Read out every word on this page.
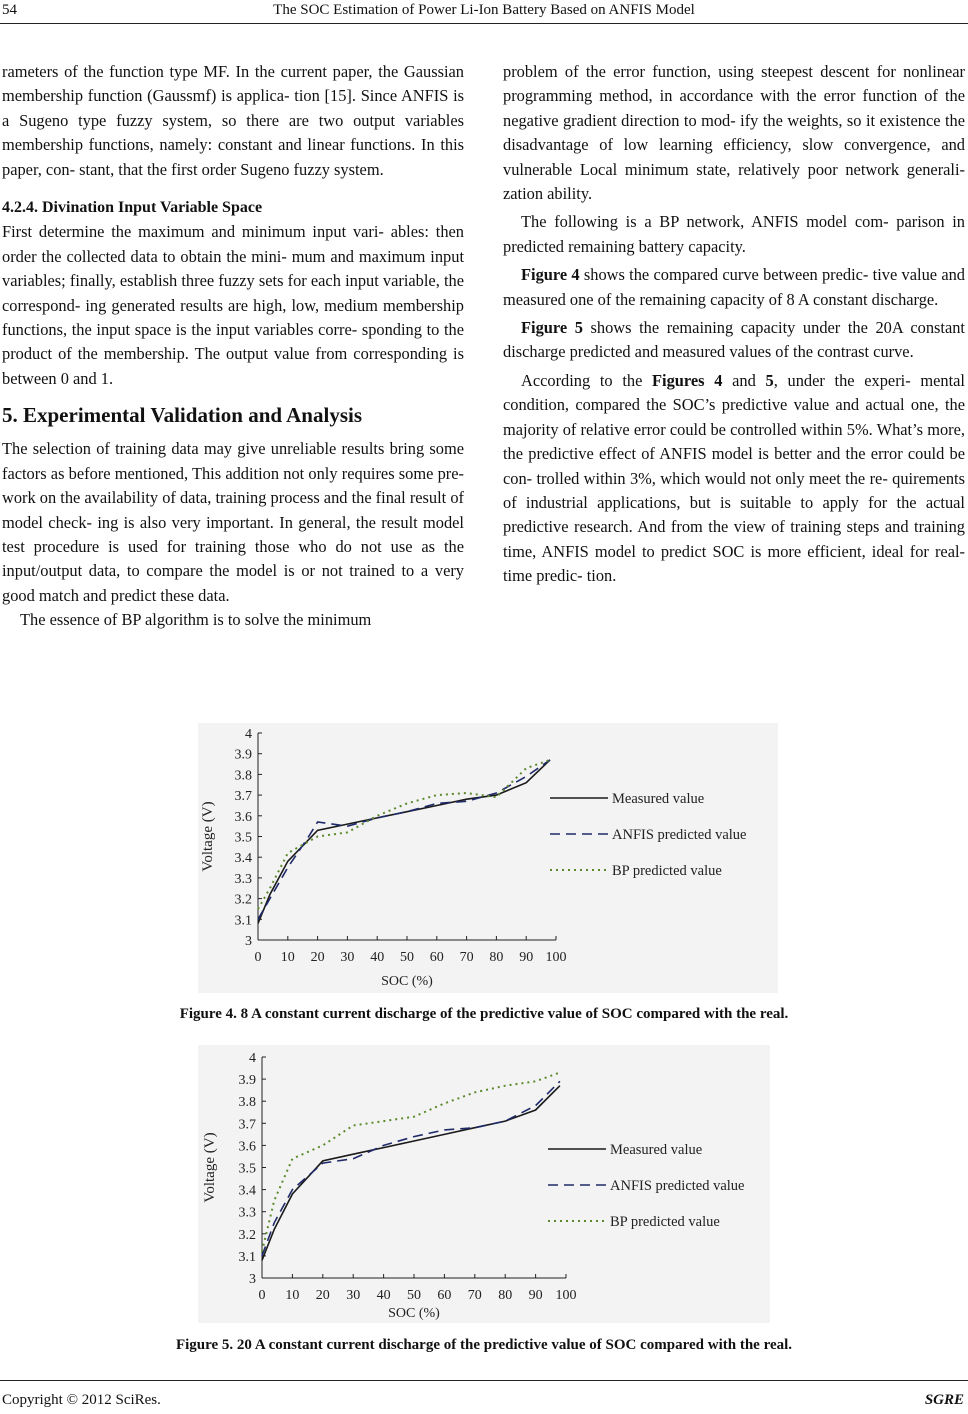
54	The SOC Estimation of Power Li-Ion Battery Based on ANFIS Model

rameters of the function type MF. In the current paper, the Gaussian membership function (Gaussmf) is applica- tion [15]. Since ANFIS is a Sugeno type fuzzy system, so there are two output variables membership functions, namely: constant and linear functions. In this paper, con- stant, that the first order Sugeno fuzzy system.

4.2.4. Divination Input Variable Space

First determine the maximum and minimum input vari- ables: then order the collected data to obtain the mini- mum and maximum input variables; finally, establish three fuzzy sets for each input variable, the correspond- ing generated results are high, low, medium membership functions, the input space is the input variables corre- sponding to the product of the membership. The output value from corresponding is between 0 and 1.

5. Experimental Validation and Analysis

The selection of training data may give unreliable results bring some factors as before mentioned, This addition not only requires some pre-work on the availability of data, training process and the final result of model check- ing is also very important. In general, the result model test procedure is used for training those who do not use as the input/output data, to compare the model is or not trained to a very good match and predict these data.

The essence of BP algorithm is to solve the minimum

problem of the error function, using steepest descent for nonlinear programming method, in accordance with the error function of the negative gradient direction to mod- ify the weights, so it existence the disadvantage of low learning efficiency, slow convergence, and vulnerable Local minimum state, relatively poor network generali- zation ability.

The following is a BP network, ANFIS model com- parison in predicted remaining battery capacity.

Figure 4 shows the compared curve between predic- tive value and measured one of the remaining capacity of 8 A constant discharge.

Figure 5 shows the remaining capacity under the 20A constant discharge predicted and measured values of the contrast curve.

According to the Figures 4 and 5, under the experi- mental condition, compared the SOC’s predictive value and actual one, the majority of relative error could be controlled within 5%. What’s more, the predictive effect of ANFIS model is better and the error could be con- trolled within 3%, which would not only meet the re- quirements of industrial applications, but is suitable to apply for the actual predictive research. And from the view of training steps and training time, ANFIS model to predict SOC is more efficient, ideal for real-time predic- tion.

3
3.1
3.2
3.3
3.4
3.5
3.6
3.7
3.8
3.9
4
0 10 20 30 40 50 60 70 80 90 100
SOC (%)
Voltage (V)
Measured value
ANFIS predicted value
BP predicted value
Figure 4. 8 A constant current discharge of the predictive value of SOC compared with the real.
3
3.1
3.2
3.3
3.4
3.5
3.6
3.7
3.8
3.9
4
0 10 20 30 40 50 60 70 80 90 100
SOC (%)
Voltage (V)	Measured value
ANFIS predicted value
BP predicted value
Figure 5. 20 A constant current discharge of the predictive value of SOC compared with the real.
Copyright © 2012 SciRes.	SGRE
